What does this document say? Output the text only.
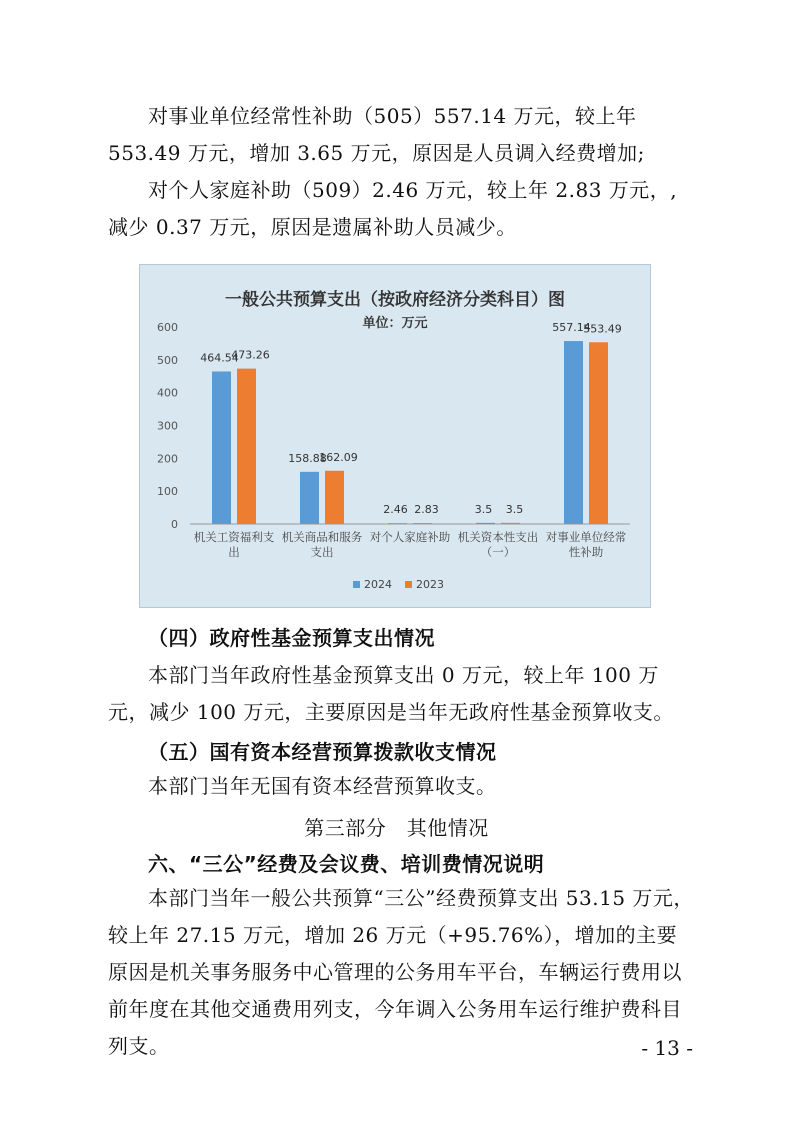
对事业单位经常性补助（505）557.14 万元，较上年 553.49 万元，增加 3.65 万元，原因是人员调入经费增加;

对个人家庭补助（509）2.46 万元，较上年 2.83 万元，,减少 0.37 万元，原因是遗属补助人员减少。

一般公共预算支出（按政府经济分类科目）图
单位：万元
0
100
200
300
400
500
600
464.54
473.26
158.88
162.09
2.46 2.83	3.5 3.5
557.14
553.49
机关工资福利支
出
机关商品和服务
支出
对个人家庭补助 机关资本性支出
（一）
对事业单位经常
性补助
2024 2023

（四）政府性基金预算支出情况

本部门当年政府性基金预算支出 0 万元，较上年 100 万元，减少 100 万元，主要原因是当年无政府性基金预算收支。

（五）国有资本经营预算拨款收支情况

本部门当年无国有资本经营预算收支。

第三部分　其他情况

六、“三公”经费及会议费、培训费情况说明

本部门当年一般公共预算“三公”经费预算支出 53.15 万元，较上年 27.15 万元，增加 26 万元（+95.76%），增加的主要原因是机关事务服务中心管理的公务用车平台，车辆运行费用以前年度在其他交通费用列支，今年调入公务用车运行维护费科目列支。	- 13 -
